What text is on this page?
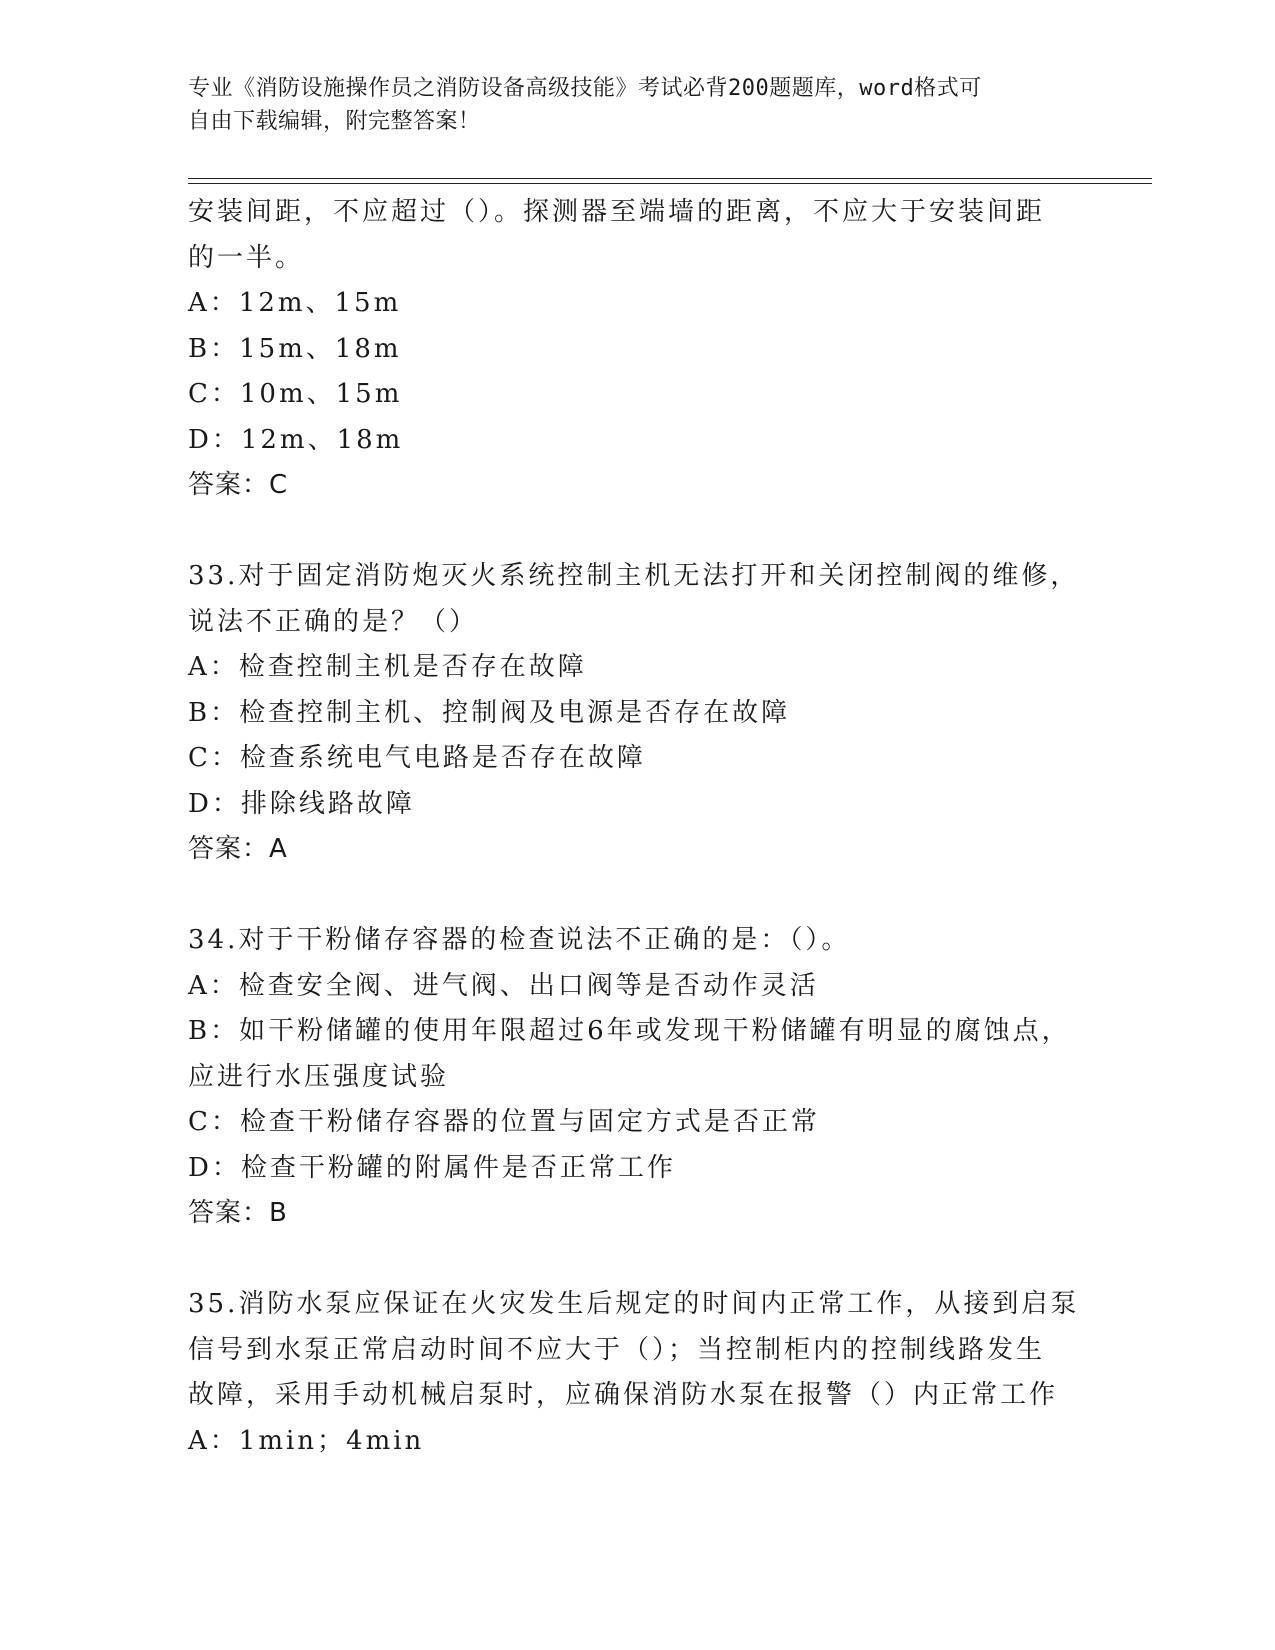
专业《消防设施操作员之消防设备高级技能》考试必背200题题库，word格式可
自由下载编辑，附完整答案！
安装间距，不应超过（）。探测器至端墙的距离，不应大于安装间距
的一半。
A：12m、15m
B：15m、18m
C：10m、15m
D：12m、18m
答案：C
33.对于固定消防炮灭火系统控制主机无法打开和关闭控制阀的维修，
说法不正确的是？（）
A：检查控制主机是否存在故障
B：检查控制主机、控制阀及电源是否存在故障
C：检查系统电气电路是否存在故障
D：排除线路故障
答案：A
34.对于干粉储存容器的检查说法不正确的是：（）。
A：检查安全阀、进气阀、出口阀等是否动作灵活
B：如干粉储罐的使用年限超过6年或发现干粉储罐有明显的腐蚀点，
应进行水压强度试验
C：检查干粉储存容器的位置与固定方式是否正常
D：检查干粉罐的附属件是否正常工作
答案：B
35.消防水泵应保证在火灾发生后规定的时间内正常工作，从接到启泵
信号到水泵正常启动时间不应大于（）；当控制柜内的控制线路发生
故障，采用手动机械启泵时，应确保消防水泵在报警（）内正常工作
A：1min；4min
